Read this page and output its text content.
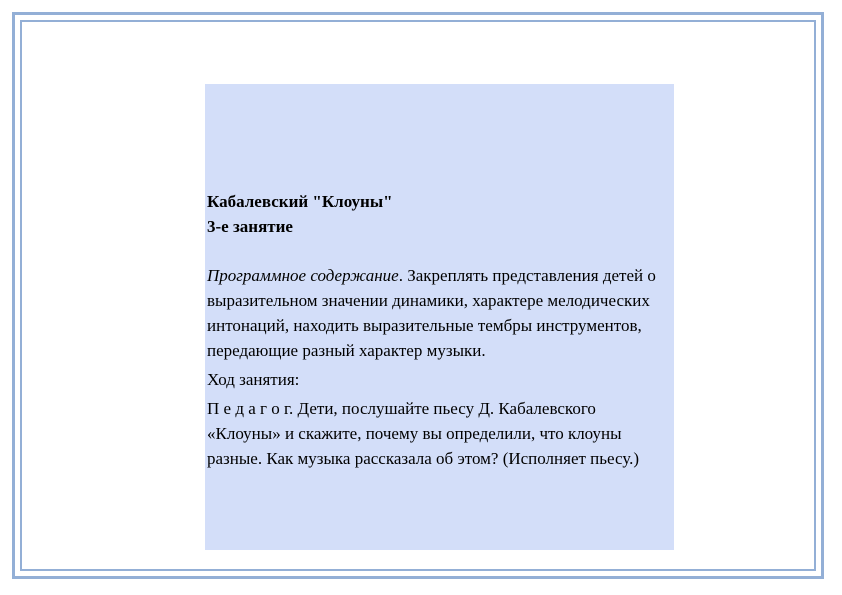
Кабалевский "Клоуны"

3-е занятие

Программное содержание. Закреплять представления детей о выразительном значении динамики, характере мелодических интонаций, находить выразительные тембры инструментов, передающие разный характер музыки.

Ход занятия:

П е д а г о г. Дети, послушайте пьесу Д. Кабалевского «Клоуны» и скажите, почему вы определили, что клоуны разные. Как музыка рассказала об этом? (Исполняет пьесу.)
